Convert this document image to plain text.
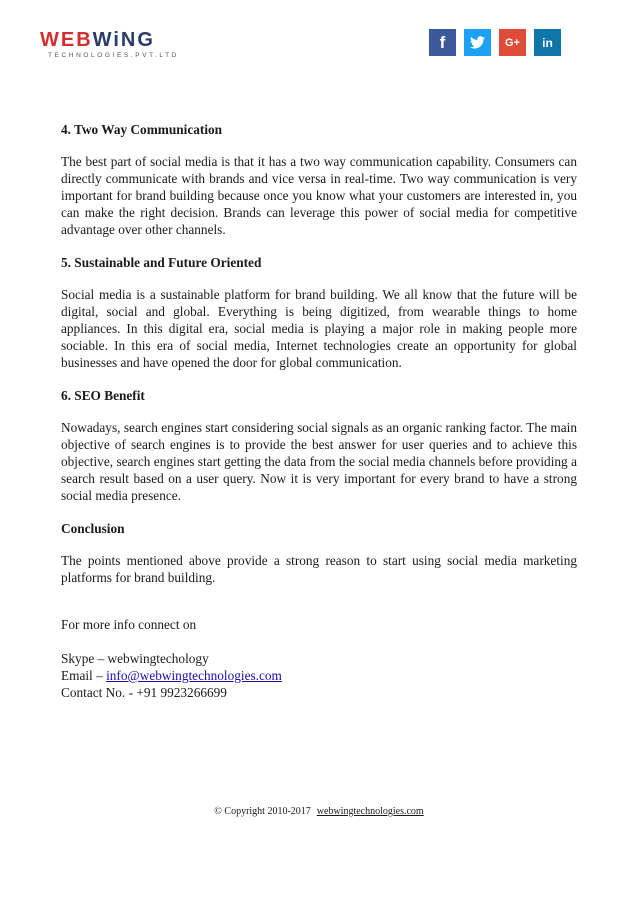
WEBWiNG
TECHNOLOGIES.PVT.LTD
f	G+	in
4. Two Way Communication

The best part of social media is that it has a two way communication capability. Consumers can directly communicate with brands and vice versa in real-time. Two way communication is very important for brand building because once you know what your customers are interested in, you can make the right decision. Brands can leverage this power of social media for competitive advantage over other channels.

5. Sustainable and Future Oriented

Social media is a sustainable platform for brand building. We all know that the future will be digital, social and global. Everything is being digitized, from wearable things to home appliances. In this digital era, social media is playing a major role in making people more sociable. In this era of social media, Internet technologies create an opportunity for global businesses and have opened the door for global communication.

6. SEO Benefit

Nowadays, search engines start considering social signals as an organic ranking factor. The main objective of search engines is to provide the best answer for user queries and to achieve this objective, search engines start getting the data from the social media channels before providing a search result based on a user query. Now it is very important for every brand to have a strong social media presence.

Conclusion

The points mentioned above provide a strong reason to start using social media marketing platforms for brand building.

For more info connect on

Skype – webwingtechology

Email – info@webwingtechnologies.com

Contact No. - +91 9923266699

© Copyright 2010-2017 webwingtechnologies.com
